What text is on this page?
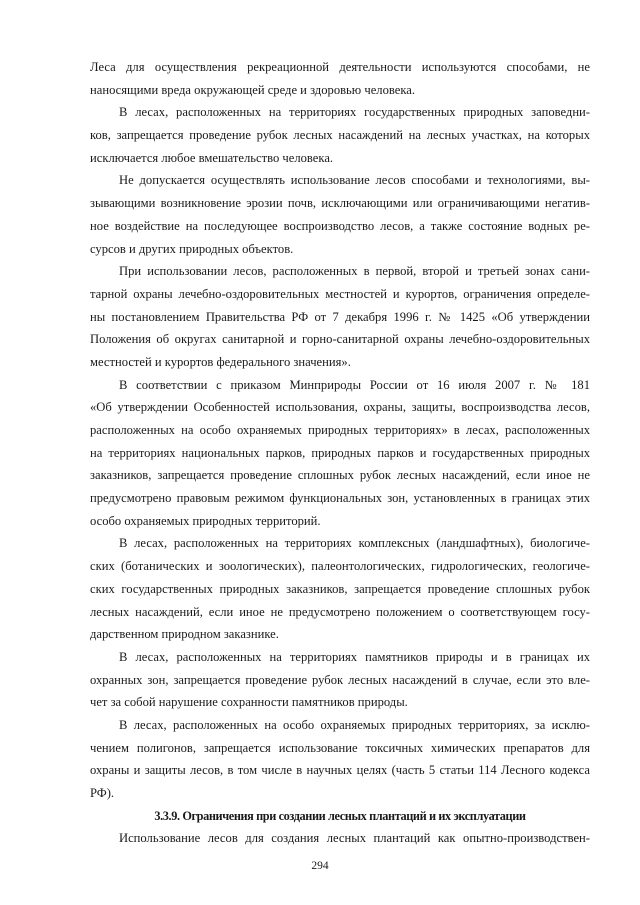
Леса для осуществления рекреационной деятельности используются способами, не
наносящими вреда окружающей среде и здоровью человека.
В лесах, расположенных на территориях государственных природных заповедни-
ков, запрещается проведение рубок лесных насаждений на лесных участках, на которых
исключается любое вмешательство человека.
Не допускается осуществлять использование лесов способами и технологиями, вы-
зывающими возникновение эрозии почв, исключающими или ограничивающими негатив-
ное воздействие на последующее воспроизводство лесов, а также состояние водных ре-
сурсов и других природных объектов.
При использовании лесов, расположенных в первой, второй и третьей зонах сани-
тарной охраны лечебно-оздоровительных местностей и курортов, ограничения определе-
ны постановлением Правительства РФ от 7 декабря 1996 г. № 1425 «Об утверждении
Положения об округах санитарной и горно-санитарной охраны лечебно-оздоровительных
местностей и курортов федерального значения».
В соответствии с приказом Минприроды России от 16 июля 2007 г. № 181
«Об утверждении Особенностей использования, охраны, защиты, воспроизводства лесов,
расположенных на особо охраняемых природных территориях» в лесах, расположенных
на территориях национальных парков, природных парков и государственных природных
заказников, запрещается проведение сплошных рубок лесных насаждений, если иное не
предусмотрено правовым режимом функциональных зон, установленных в границах этих
особо охраняемых природных территорий.
В лесах, расположенных на территориях комплексных (ландшафтных), биологиче-
ских (ботанических и зоологических), палеонтологических, гидрологических, геологиче-
ских государственных природных заказников, запрещается проведение сплошных рубок
лесных насаждений, если иное не предусмотрено положением о соответствующем госу-
дарственном природном заказнике.
В лесах, расположенных на территориях памятников природы и в границах их
охранных зон, запрещается проведение рубок лесных насаждений в случае, если это вле-
чет за собой нарушение сохранности памятников природы.
В лесах, расположенных на особо охраняемых природных территориях, за исклю-
чением полигонов, запрещается использование токсичных химических препаратов для
охраны и защиты лесов, в том числе в научных целях (часть 5 статьи 114 Лесного кодекса
РФ).
3.3.9. Ограничения при создании лесных плантаций и их эксплуатации
Использование лесов для создания лесных плантаций как опытно-производствен-
294
